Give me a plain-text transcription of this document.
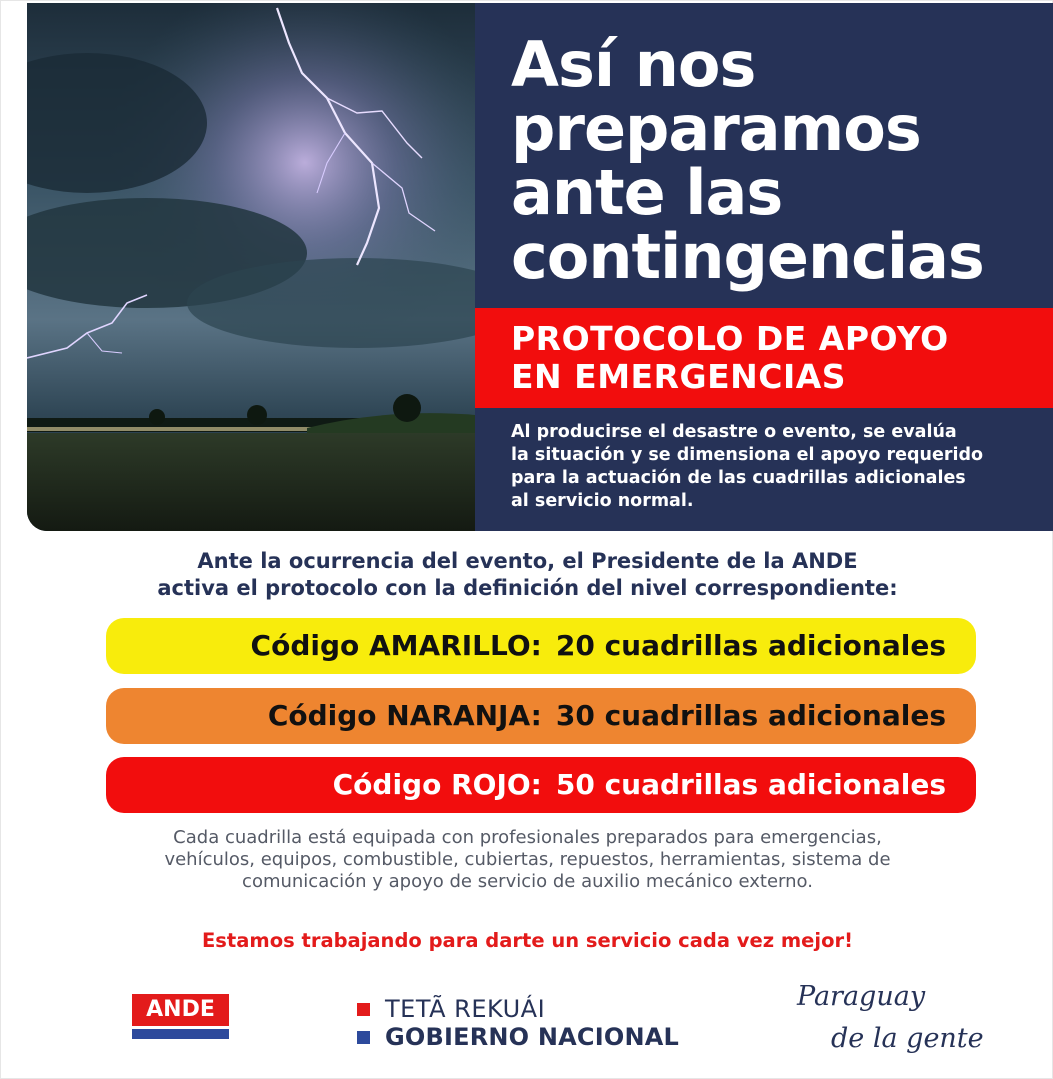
Así nos
preparamos
ante las
contingencias
PROTOCOLO DE APOYO
EN EMERGENCIAS
Al producirse el desastre o evento, se evalúa
la situación y se dimensiona el apoyo requerido
para la actuación de las cuadrillas adicionales
al servicio normal.
Ante la ocurrencia del evento, el Presidente de la ANDE
activa el protocolo con la definición del nivel correspondiente:
Código AMARILLO: 20 cuadrillas adicionales
Código NARANJA: 30 cuadrillas adicionales
Código ROJO: 50 cuadrillas adicionales
Cada cuadrilla está equipada con profesionales preparados para emergencias,
vehículos, equipos, combustible, cubiertas, repuestos, herramientas, sistema de
comunicación y apoyo de servicio de auxilio mecánico externo.
Estamos trabajando para darte un servicio cada vez mejor!
ANDE	TETÃ REKUÁI
GOBIERNO NACIONAL
Paraguay
de la gente
